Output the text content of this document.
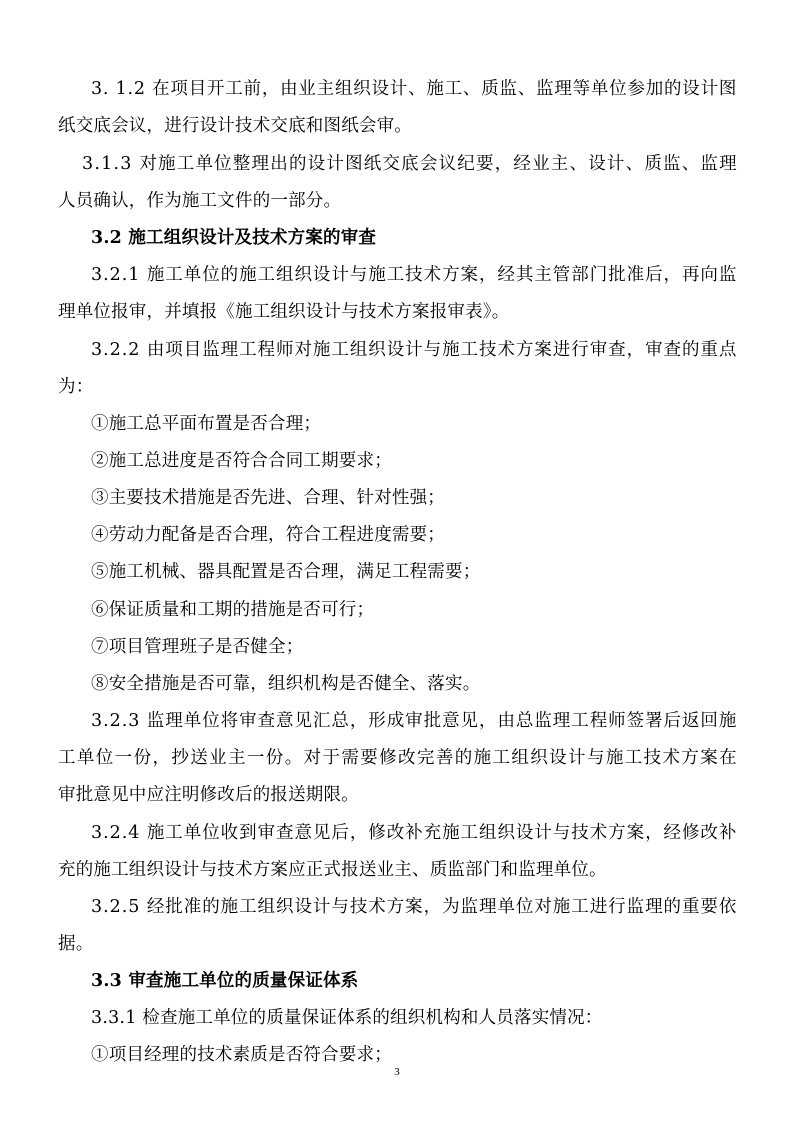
3 .
1 . 2
在 项 目 开 工 前 ， 由 业 主 组 织 设 计 、 施 工 、 质 监 、 监 理 等 单 位 参 加 的 设 计 图
纸交底会议，进行设计技术交底和图纸会审。
3 . 1 . 3
对 施 工 单 位 整 理 出 的 设 计 图 纸 交 底 会 议 纪 要 ， 经 业 主 、 设 计 、 质 监 、 监 理
人员确认，作为施工文件的一部分。
3.2 施工组织设计及技术方案的审查
3 . 2 . 1
施 工 单 位 的 施 工 组 织 设 计 与 施 工 技 术 方 案 ， 经 其 主 管 部 门 批 准 后 ， 再 向 监
理单位报审，并填报《施工组织设计与技术方案报审表》。
3 . 2 . 2
由 项 目 监 理 工 程 师 对 施 工 组 织 设 计 与 施 工 技 术 方 案 进 行 审 查 ， 审 查 的 重 点
为：
①施工总平面布置是否合理；
②施工总进度是否符合合同工期要求；
③主要技术措施是否先进、合理、针对性强；
④劳动力配备是否合理，符合工程进度需要；
⑤施工机械、器具配置是否合理，满足工程需要；
⑥保证质量和工期的措施是否可行；
⑦项目管理班子是否健全；
⑧安全措施是否可靠，组织机构是否健全、落实。
3 . 2 . 3
监 理 单 位 将 审 查 意 见 汇 总 ， 形 成 审 批 意 见 ， 由 总 监 理 工 程 师 签 署 后 返 回 施
工 单 位 一 份 ， 抄 送 业 主 一 份 。 对 于 需 要 修 改 完 善 的 施 工 组 织 设 计 与 施 工 技 术 方 案 在
审批意见中应注明修改后的报送期限。
3 . 2 . 4
施 工 单 位 收 到 审 查 意 见 后 ， 修 改 补 充 施 工 组 织 设 计 与 技 术 方 案 ， 经 修 改 补
充的施工组织设计与技术方案应正式报送业主、质监部门和监理单位。
3 . 2 . 5
经 批 准 的 施 工 组 织 设 计 与 技 术 方 案 ， 为 监 理 单 位 对 施 工 进 行 监 理 的 重 要 依
据。
3.3 审查施工单位的质量保证体系
3.3.1 检查施工单位的质量保证体系的组织机构和人员落实情况：
①项目经理的技术素质是否符合要求；
3
